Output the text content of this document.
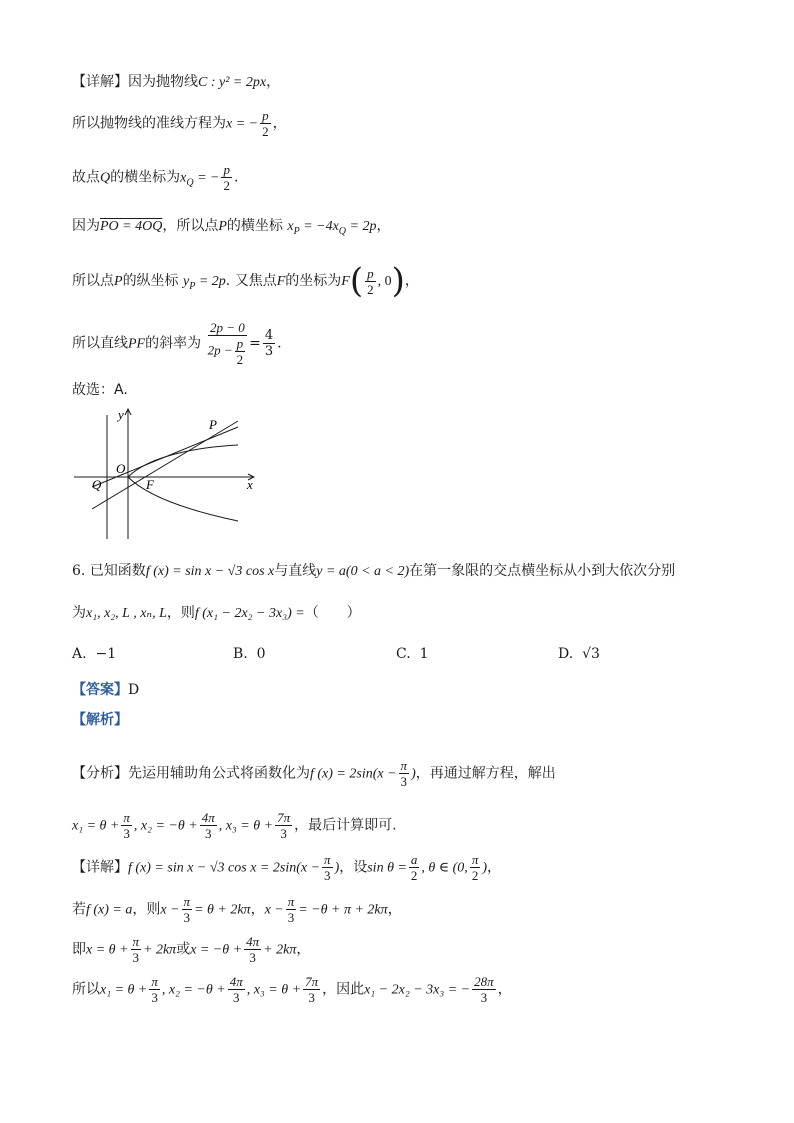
【详解】因为抛物线C : y² = 2px，
所以抛物线的准线方程为x = − $\frac{p}{2}$ ，
故点Q的横坐标为$x_Q$ = − $\frac{p}{2}$ .
因为PO = 4OQ，所以点P的横坐标 $x_P = -4x_Q = 2p$，
所以点P的纵坐标 $y_P = 2p$. 又焦点F的坐标为$F( \frac{p}{2}$ , 0)，
所以直线PF的斜率为 $\frac{2p - 0}{2p - \frac{p}{2}} = \frac{4}{3}$ .
故选：A.
y
P
O
Q	F	x
6. 已知函数f (x) = sin x − √3 cos x与直线y = a(0 < a < 2)在第一象限的交点横坐标从小到大依次分别
为x₁, x₂, L , xₙ, L，则f (x₁ − 2x₂ − 3x₃) =（　　）
A. −1	B. 0	C. 1	D. √3
【答案】D
【解析】
【分析】先运用辅助角公式将函数化为f $(x) = 2\sin(x - \frac{\pi}{3}$ )，再通过解方程，解出
$x_1 = \theta + \frac{\pi}{3}$ , $x_2 = -\theta + \frac{4\pi}{3}$ , $x_3 = \theta + \frac{7\pi}{3}$ ，最后计算即可.
【详解】f (x) = sin x − √3 $\cos x = 2\sin(x - \frac{\pi}{3}$ )，设$\sin \theta = \frac{a}{2}$ , θ ∈ (0, $\frac{\pi}{2}$ )，
若f (x) = a，则$x - \frac{\pi}{3} = \theta + 2k\pi$，$x - \frac{\pi}{3} = -\theta + \pi + 2k\pi$，
即$x = \theta + \frac{\pi}{3} + 2k\pi$或$x = -\theta + \frac{4\pi}{3} + 2k\pi$，
所以$x_1 = \theta + \frac{\pi}{3}$ , $x_2 = -\theta + \frac{4\pi}{3}$ , $x_3 = \theta + \frac{7\pi}{3}$ ，因此x₁ − 2x₂ − 3x₃ = − $\frac{28\pi}{3}$ ，
